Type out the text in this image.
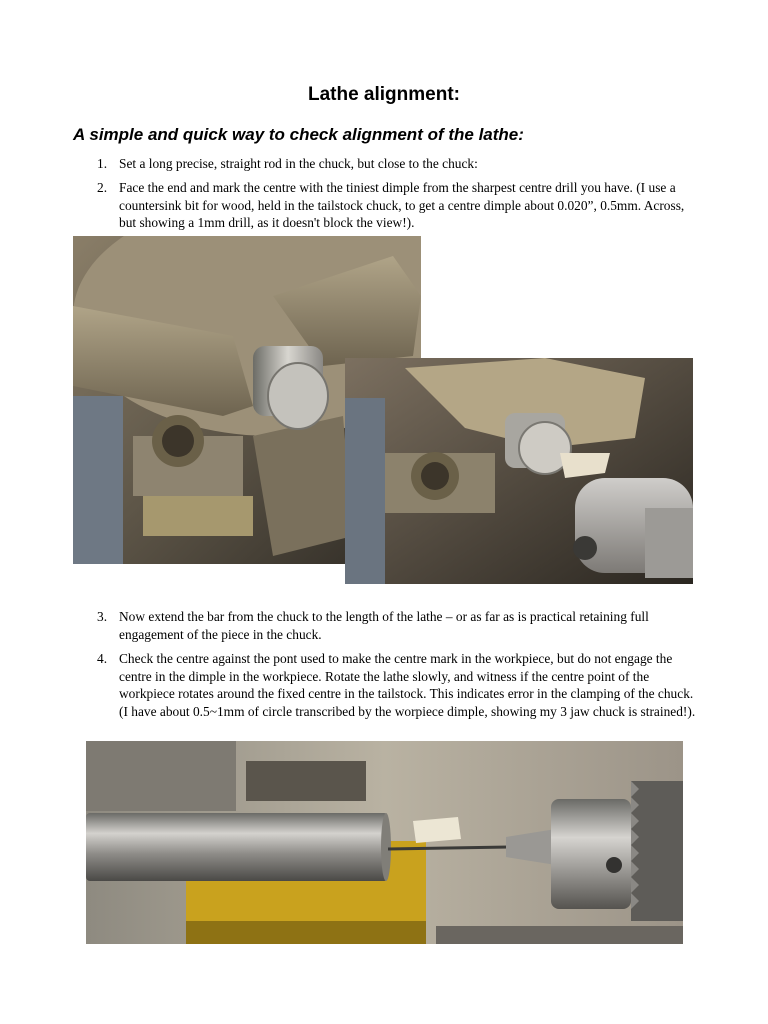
Lathe alignment:
A simple and quick way to check alignment of the lathe:
1. Set a long precise, straight rod in the chuck, but close to the chuck:
2. Face the end and mark the centre with the tiniest dimple from the sharpest centre drill you have. (I use a countersink bit for wood, held in the tailstock chuck, to get a centre dimple about 0.020”, 0.5mm. Across, but showing a 1mm drill, as it doesn't block the view!).
3. Now extend the bar from the chuck to the length of the lathe – or as far as is practical retaining full engagement of the piece in the chuck.
4. Check the centre against the pont used to make the centre mark in the workpiece, but do not engage the centre in the dimple in the workpiece. Rotate the lathe slowly, and witness if the centre point of the workpiece rotates around the fixed centre in the tailstock. This indicates error in the clamping of the chuck. (I have about 0.5~1mm of circle transcribed by the worpiece dimple, showing my 3 jaw chuck is strained!).
